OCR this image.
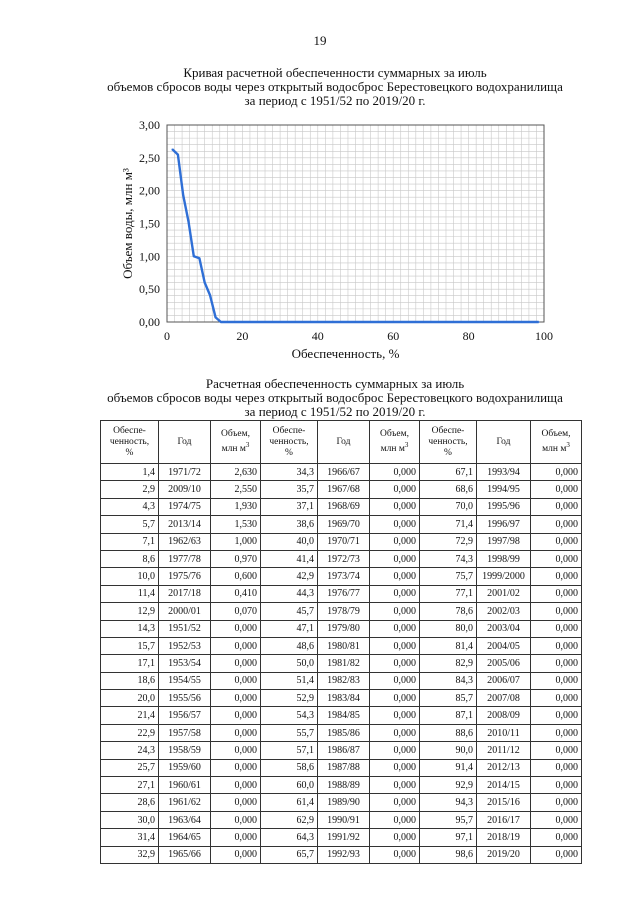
19
Кривая расчетной обеспеченности суммарных за июль
объемов сбросов воды через открытый водосброс Берестовецкого водохранилища
за период с 1951/52 по 2019/20 г.
0,00
0,50
1,00
1,50
2,00
2,50
3,00
0	20	40	60	80	100
Обеспеченность, %
Объем воды, млн м³
Расчетная обеспеченность суммарных за июль
объемов сбросов воды через открытый водосброс Берестовецкого водохранилища
за период с 1951/52 по 2019/20 г.
Обеспе-
ченность,
%	Год	Объем,
млн $м^3$	Обеспе-
ченность,
%	Год	Объем,
млн $м^3$	Обеспе-
ченность,
%	Год	Объем,
млн $м^3$
1,4	1971/72	2,630	34,3	1966/67	0,000	67,1	1993/94	0,000
2,9	2009/10	2,550	35,7	1967/68	0,000	68,6	1994/95	0,000
4,3	1974/75	1,930	37,1	1968/69	0,000	70,0	1995/96	0,000
5,7	2013/14	1,530	38,6	1969/70	0,000	71,4	1996/97	0,000
7,1	1962/63	1,000	40,0	1970/71	0,000	72,9	1997/98	0,000
8,6	1977/78	0,970	41,4	1972/73	0,000	74,3	1998/99	0,000
10,0	1975/76	0,600	42,9	1973/74	0,000	75,7	1999/2000	0,000
11,4	2017/18	0,410	44,3	1976/77	0,000	77,1	2001/02	0,000
12,9	2000/01	0,070	45,7	1978/79	0,000	78,6	2002/03	0,000
14,3	1951/52	0,000	47,1	1979/80	0,000	80,0	2003/04	0,000
15,7	1952/53	0,000	48,6	1980/81	0,000	81,4	2004/05	0,000
17,1	1953/54	0,000	50,0	1981/82	0,000	82,9	2005/06	0,000
18,6	1954/55	0,000	51,4	1982/83	0,000	84,3	2006/07	0,000
20,0	1955/56	0,000	52,9	1983/84	0,000	85,7	2007/08	0,000
21,4	1956/57	0,000	54,3	1984/85	0,000	87,1	2008/09	0,000
22,9	1957/58	0,000	55,7	1985/86	0,000	88,6	2010/11	0,000
24,3	1958/59	0,000	57,1	1986/87	0,000	90,0	2011/12	0,000
25,7	1959/60	0,000	58,6	1987/88	0,000	91,4	2012/13	0,000
27,1	1960/61	0,000	60,0	1988/89	0,000	92,9	2014/15	0,000
28,6	1961/62	0,000	61,4	1989/90	0,000	94,3	2015/16	0,000
30,0	1963/64	0,000	62,9	1990/91	0,000	95,7	2016/17	0,000
31,4	1964/65	0,000	64,3	1991/92	0,000	97,1	2018/19	0,000
32,9	1965/66	0,000	65,7	1992/93	0,000	98,6	2019/20	0,000
